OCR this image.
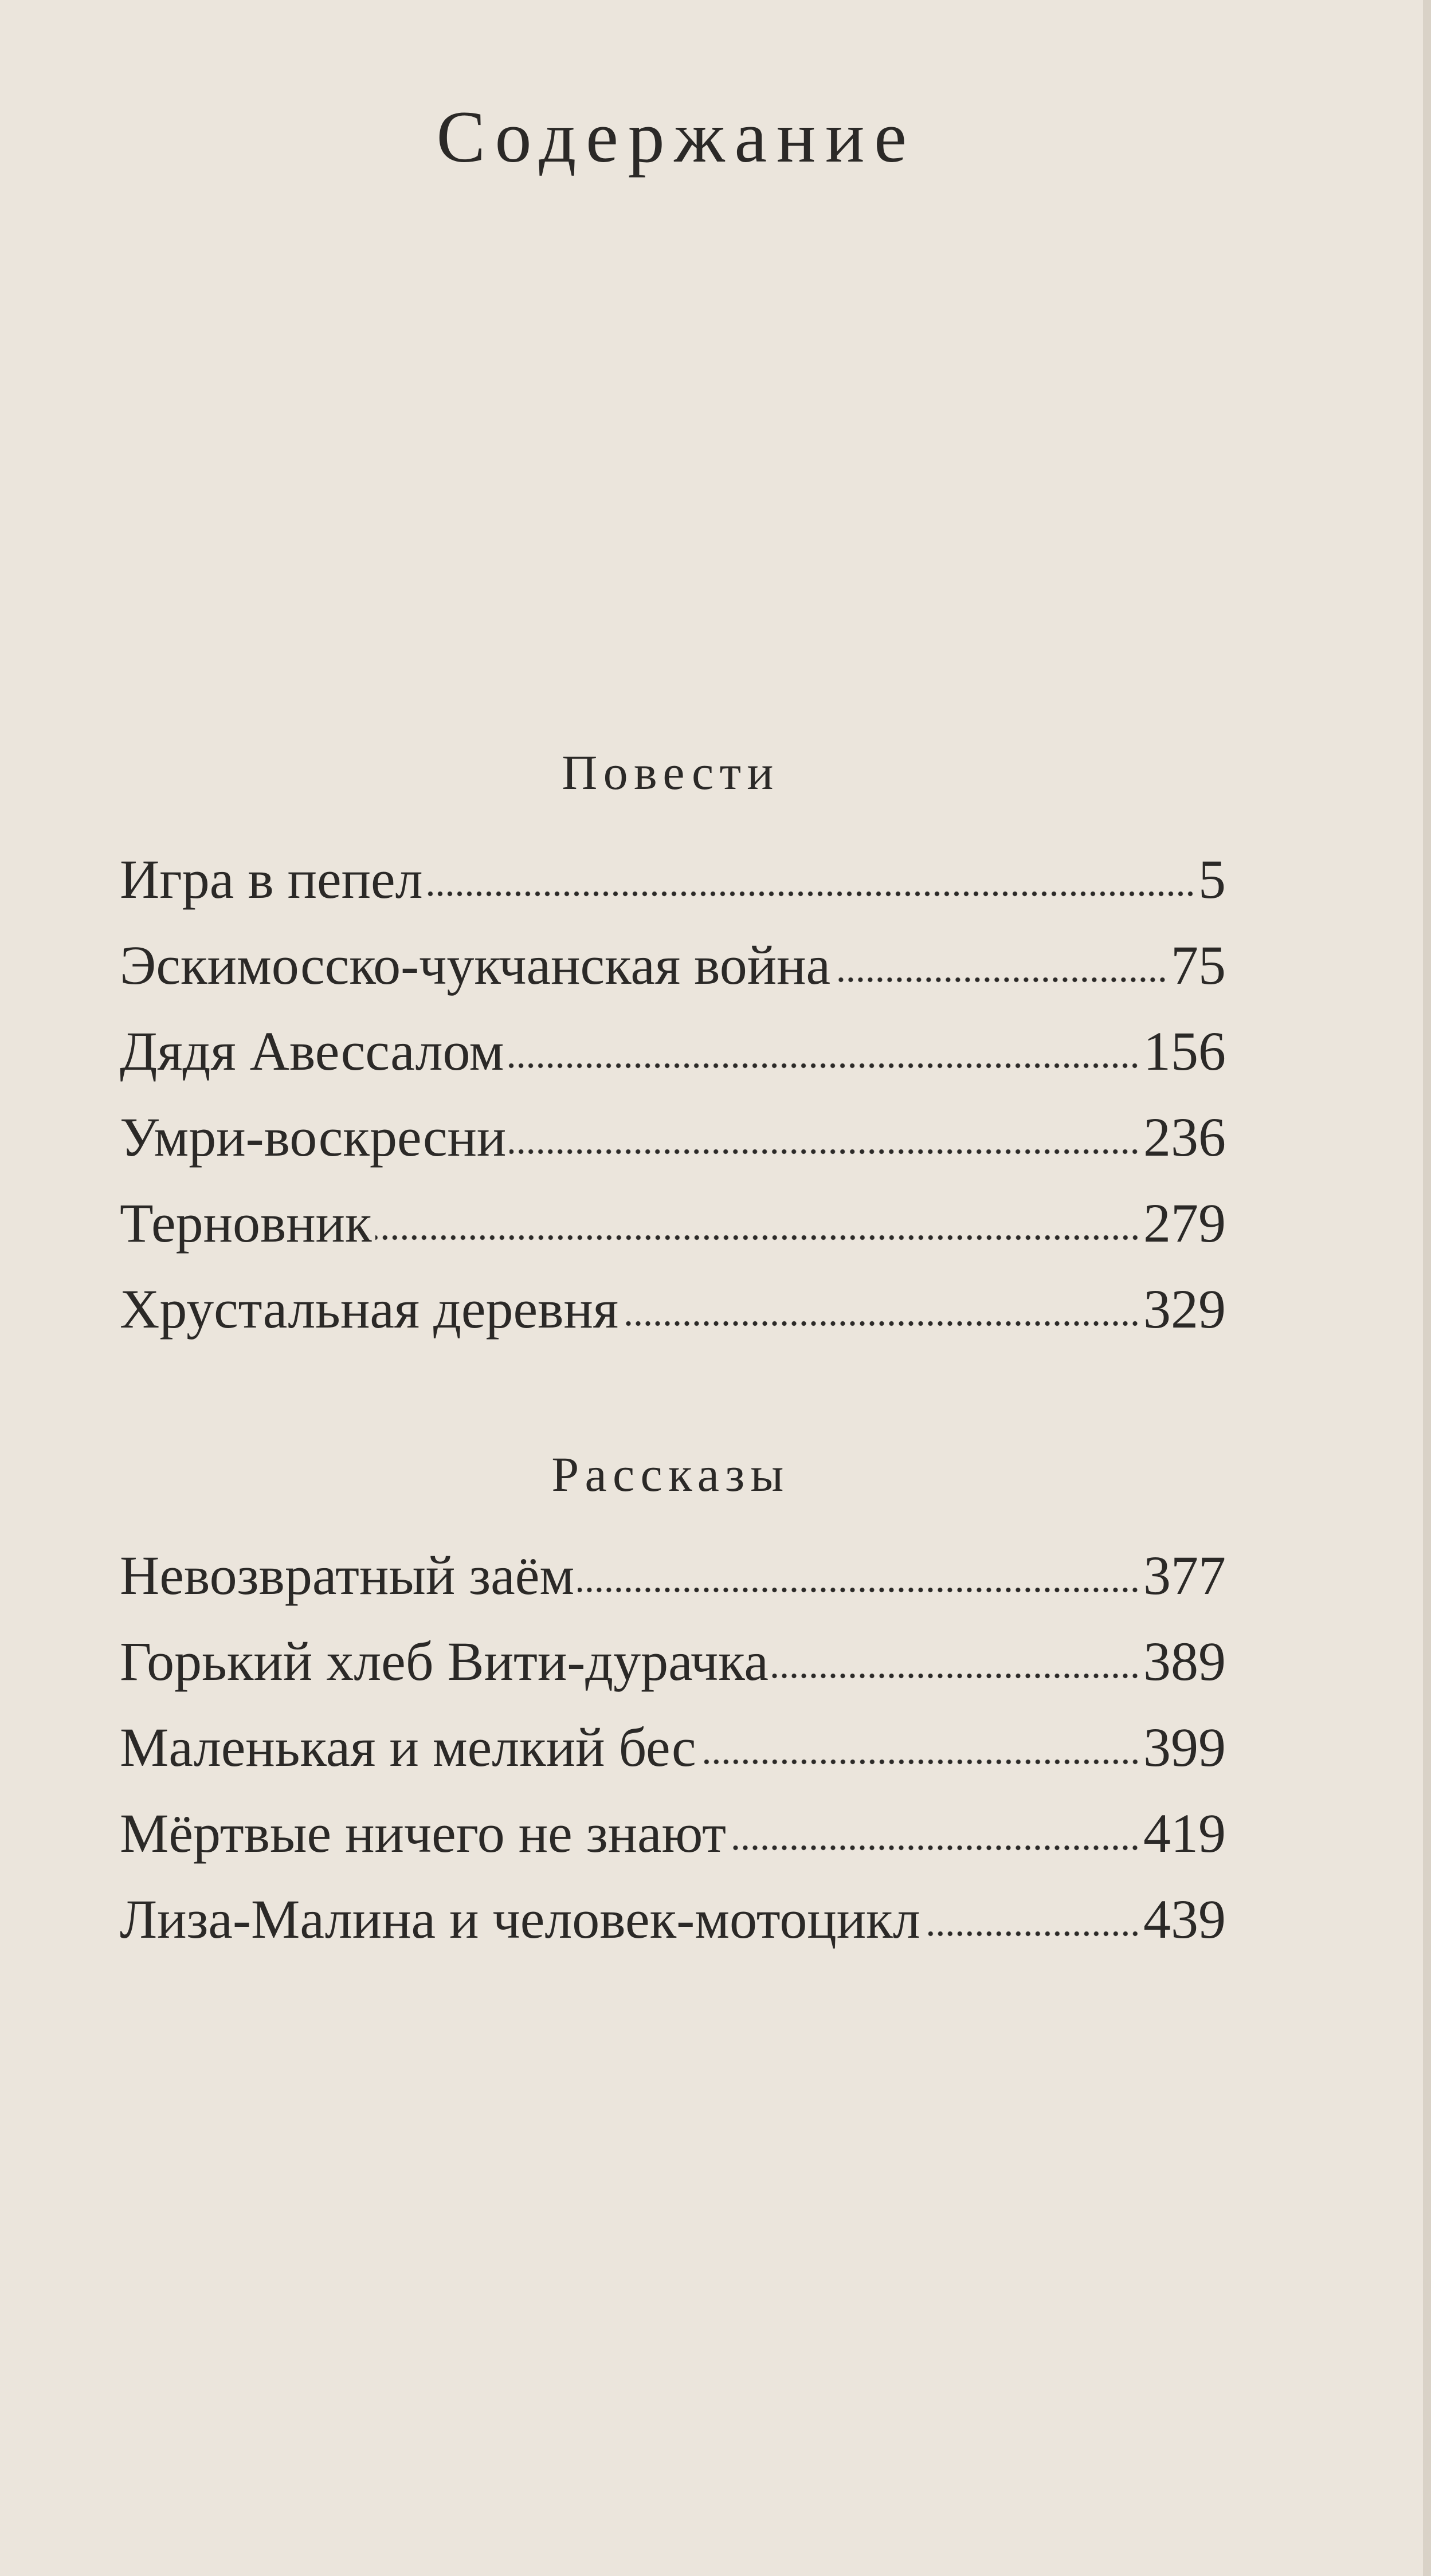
Содержание
Повести
Игра в пепел	5
Эскимосско-чукчанская война	75
Дядя Авессалом	156
Умри-воскресни	236
Терновник	279
Хрустальная деревня	329
Рассказы
Невозвратный заём	377
Горький хлеб Вити-дурачка	389
Маленькая и мелкий бес	399
Мёртвые ничего не знают	419
Лиза-Малина и человек-мотоцикл	439
